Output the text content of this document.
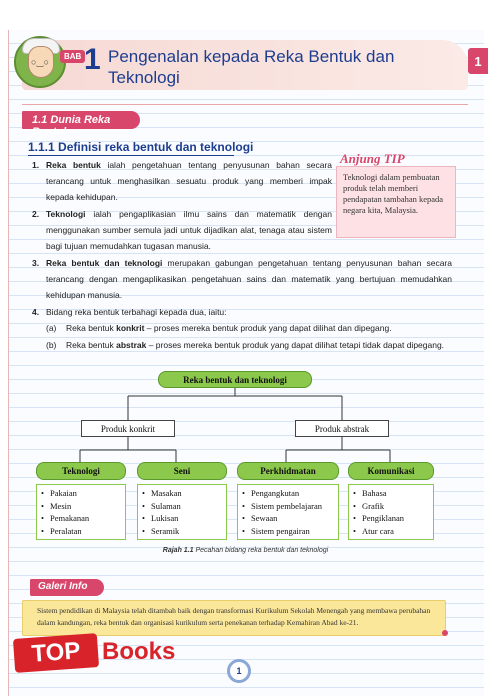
○‿○
BAB 1 Pengenalan kepada Reka Bentuk dan Teknologi
1
1.1 Dunia Reka Bentuk
1.1.1 Definisi reka bentuk dan teknologi
Anjung TIP
Teknologi dalam pembuatan produk telah memberi pendapatan tambahan kepada negara kita, Malaysia.
1. Reka bentuk ialah pengetahuan tentang penyusunan bahan secara terancang untuk menghasilkan sesuatu produk yang memberi impak kepada kehidupan.
2. Teknologi ialah pengaplikasian ilmu sains dan matematik dengan menggunakan sumber semula jadi untuk dijadikan alat, tenaga atau sistem bagi tujuan memudahkan tugasan manusia.
3. Reka bentuk dan teknologi merupakan gabungan pengetahuan tentang penyusunan bahan secara terancang dengan mengaplikasikan pengetahuan sains dan matematik yang bertujuan memudahkan kehidupan manusia.
4. Bidang reka bentuk terbahagi kepada dua, iaitu:
(a) Reka bentuk konkrit – proses mereka bentuk produk yang dapat dilihat dan dipegang.
(b) Reka bentuk abstrak – proses mereka bentuk produk yang dapat dilihat tetapi tidak dapat dipegang.
Reka bentuk dan teknologi
Produk konkrit	Produk abstrak
Teknologi	Seni	Perkhidmatan	Komunikasi
• Pakaian
• Mesin
• Pemakanan
• Peralatan
• Masakan
• Sulaman
• Lukisan
• Seramik
• Pengangkutan
• Sistem pembelajaran
• Sewaan
• Sistem pengairan
• Bahasa
• Grafik
• Pengiklanan
• Atur cara
Rajah 1.1 Pecahan bidang reka bentuk dan teknologi
Galeri Info
Sistem pendidikan di Malaysia telah ditambah baik dengan transformasi Kurikulum Sekolah Menengah yang membawa perubahan dalam kandungan, reka bentuk dan organisasi kurikulum serta penekanan terhadap Kemahiran Abad ke-21.
TOP Books
1
